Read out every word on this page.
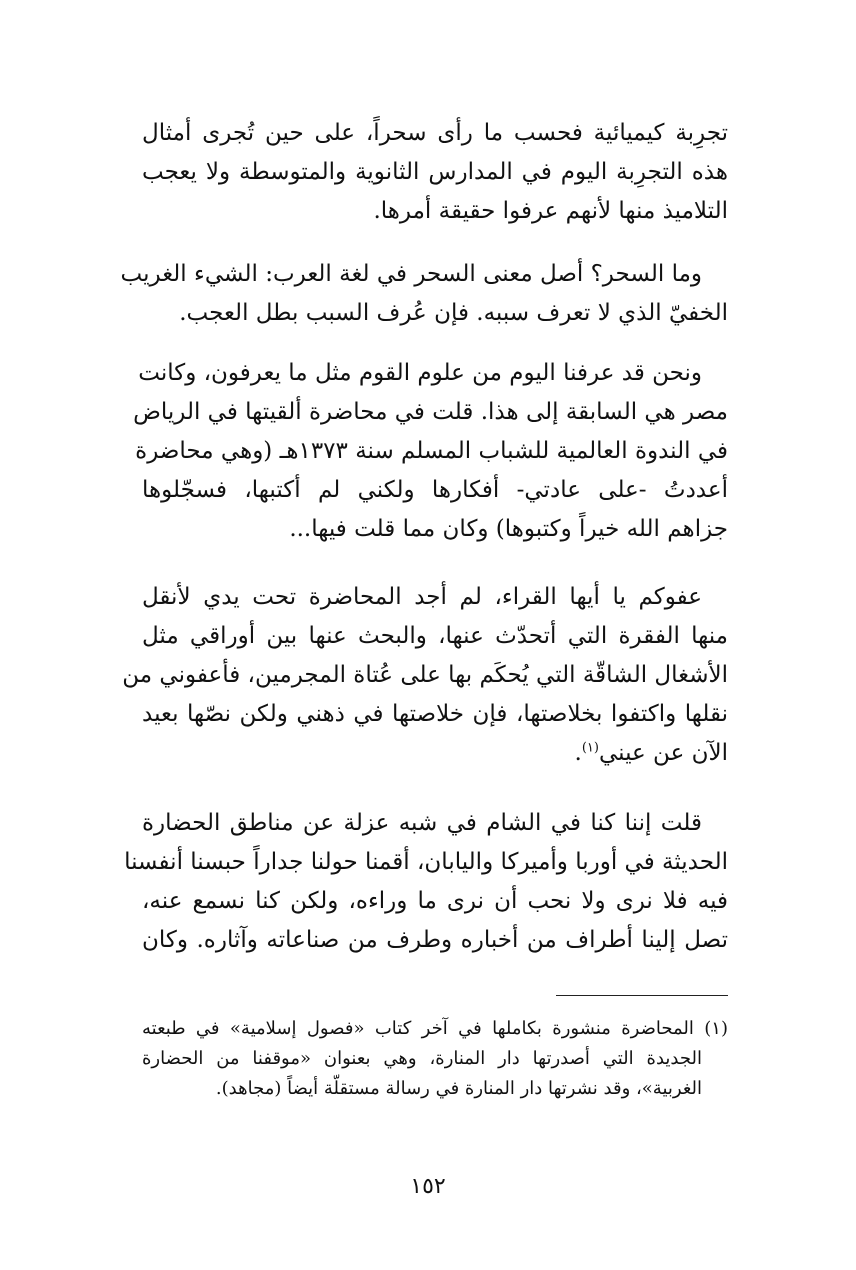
تجرِبة كيميائية فحسب ما رأى سحراً، على حين تُجرى أمثال
هذه التجرِبة اليوم في المدارس الثانوية والمتوسطة ولا يعجب
التلاميذ منها لأنهم عرفوا حقيقة أمرها.
وما السحر؟ أصل معنى السحر في لغة العرب: الشيء الغريب
الخفيّ الذي لا تعرف سببه. فإن عُرف السبب بطل العجب.
ونحن قد عرفنا اليوم من علوم القوم مثل ما يعرفون، وكانت
مصر هي السابقة إلى هذا. قلت في محاضرة ألقيتها في الرياض
في الندوة العالمية للشباب المسلم سنة ١٣٧٣هـ (وهي محاضرة
أعددتُ -على عادتي- أفكارها ولكني لم أكتبها، فسجّلوها
جزاهم الله خيراً وكتبوها) وكان مما قلت فيها...
عفوكم يا أيها القراء، لم أجد المحاضرة تحت يدي لأنقل
منها الفقرة التي أتحدّث عنها، والبحث عنها بين أوراقي مثل
الأشغال الشاقّة التي يُحكَم بها على عُتاة المجرمين، فأعفوني من
نقلها واكتفوا بخلاصتها، فإن خلاصتها في ذهني ولكن نصّها بعيد
الآن عن عيني$^{(١)}$.
قلت إننا كنا في الشام في شبه عزلة عن مناطق الحضارة
الحديثة في أوربا وأميركا واليابان، أقمنا حولنا جداراً حبسنا أنفسنا
فيه فلا نرى ولا نحب أن نرى ما وراءه، ولكن كنا نسمع عنه،
تصل إلينا أطراف من أخباره وطرف من صناعاته وآثاره. وكان
(١) المحاضرة منشورة بكاملها في آخر كتاب «فصول إسلامية» في طبعته
الجديدة التي أصدرتها دار المنارة، وهي بعنوان «موقفنا من الحضارة
الغربية»، وقد نشرتها دار المنارة في رسالة مستقلّة أيضاً (مجاهد).
١٥٢
